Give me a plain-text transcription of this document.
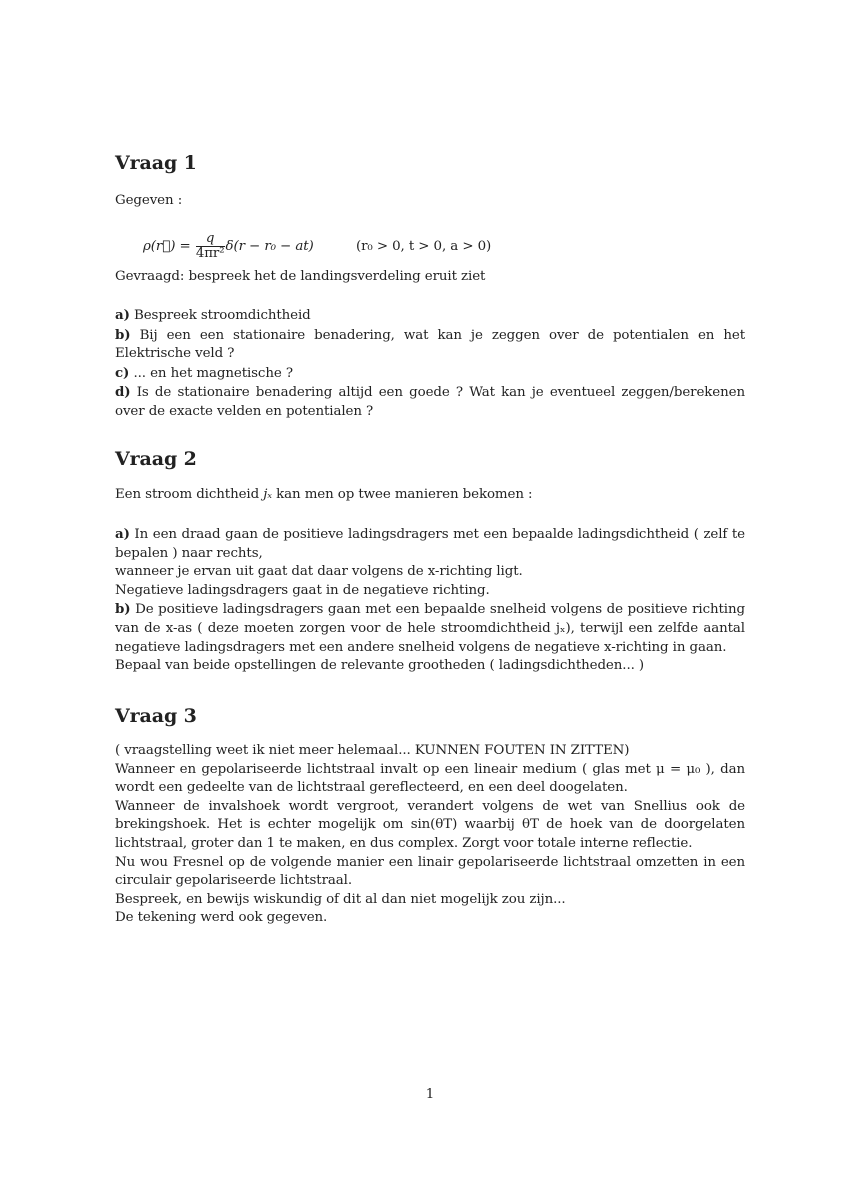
Vraag 1

Gegeven :

ρ(r⃗) = $\frac{q}{\text{4πr²}} \delta(r - r_0 - at)$	(r₀ > 0, t > 0, a > 0)

Gevraagd: bespreek het de landingsverdeling eruit ziet

a) Bespreek stroomdichtheid

b) Bij een een stationaire benadering, wat kan je zeggen over de potentialen en het Elektrische veld ?

c) ... en het magnetische ?

d) Is de stationaire benadering altijd een goede ? Wat kan je eventueel zeggen/berekenen over de exacte velden en potentialen ?

Vraag 2

Een stroom dichtheid jₓ kan men op twee manieren bekomen :

a) In een draad gaan de positieve ladingsdragers met een bepaalde ladingsdichtheid ( zelf te bepalen ) naar rechts,

wanneer je ervan uit gaat dat daar volgens de x-richting ligt.

Negatieve ladingsdragers gaat in de negatieve richting.

b) De positieve ladingsdragers gaan met een bepaalde snelheid volgens de positieve richting van de x-as ( deze moeten zorgen voor de hele stroomdichtheid jₓ), terwijl een zelfde aantal negatieve ladingsdragers met een andere snelheid volgens de negatieve x-richting in gaan.

Bepaal van beide opstellingen de relevante grootheden ( ladingsdichtheden... )

Vraag 3

( vraagstelling weet ik niet meer helemaal... KUNNEN FOUTEN IN ZITTEN)

Wanneer en gepolariseerde lichtstraal invalt op een lineair medium ( glas met μ = μ₀ ), dan wordt een gedeelte van de lichtstraal gereflecteerd, en een deel doogelaten.

Wanneer de invalshoek wordt vergroot, verandert volgens de wet van Snellius ook de brekingshoek. Het is echter mogelijk om sin(θT) waarbij θT de hoek van de doorgelaten lichtstraal, groter dan 1 te maken, en dus complex. Zorgt voor totale interne reflectie.

Nu wou Fresnel op de volgende manier een linair gepolariseerde lichtstraal omzetten in een circulair gepolariseerde lichtstraal.

Bespreek, en bewijs wiskundig of dit al dan niet mogelijk zou zijn...

De tekening werd ook gegeven.

1
